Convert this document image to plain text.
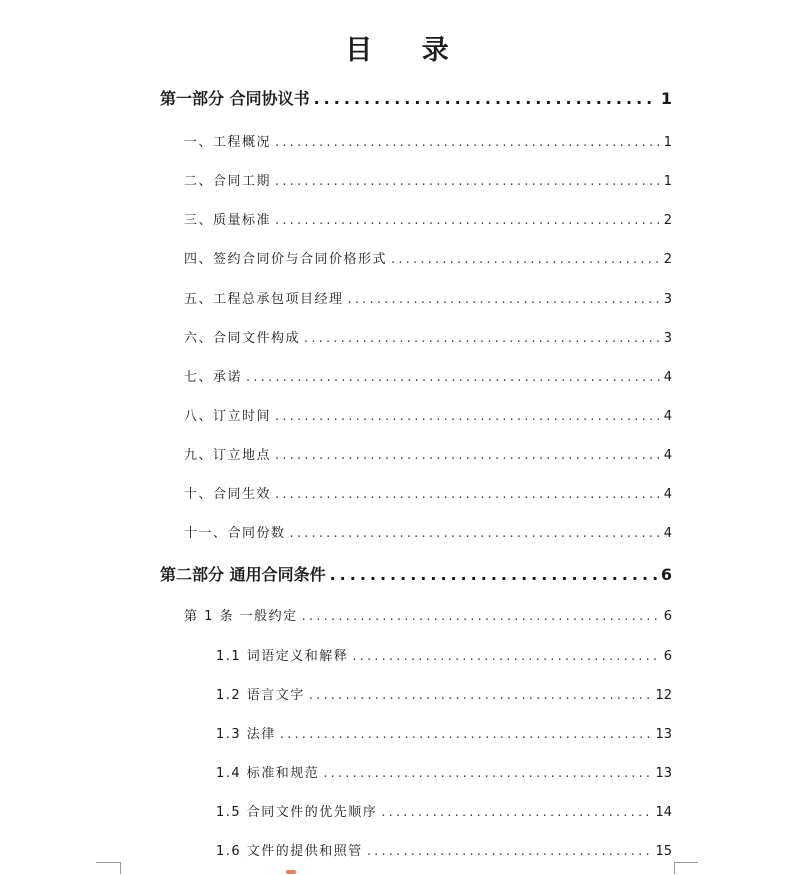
目 录
第一部分 合同协议书 .....	1
一、工程概况 .....	1
二、合同工期 .....	1
三、质量标准 .....	2
四、签约合同价与合同价格形式 .....	2
五、工程总承包项目经理 .....	3
六、合同文件构成 .....	3
七、承诺 .....	4
八、订立时间 .....	4
九、订立地点 .....	4
十、合同生效 .....	4
十一、合同份数 .....	4
第二部分 通用合同条件 .....	6
第 1 条 一般约定 .....	6
1.1 词语定义和解释 .....	6
1.2 语言文字 .....	12
1.3 法律 .....	13
1.4 标准和规范 .....	13
1.5 合同文件的优先顺序 .....	14
1.6 文件的提供和照管 .....	15
